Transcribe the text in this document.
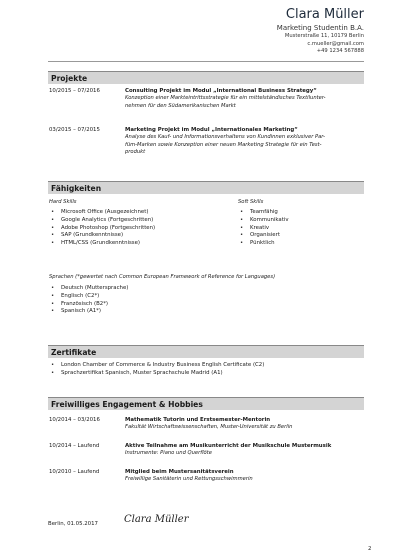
Clara Müller
Marketing Studentin B.A.
Musterstraße 11, 10179 Berlin
c.mueller@gmail.com
+49 1234 567888
Projekte
10/2015 – 07/2016	Consulting Projekt im Modul „International Business Strategy“
Konzeption einer Markteintrittsstrategie für ein mittelständisches Textilunter-
nehmen für den Südamerikanischen Markt
03/2015 – 07/2015	Marketing Projekt im Modul „Internationales Marketing“
Analyse des Kauf- und Informationsverhaltens von Kundinnen exklusiver Par-
füm-Marken sowie Konzeption einer neuen Marketing Strategie für ein Test-
produkt
Fähigkeiten
Hard Skills
• Microsoft Office (Ausgezeichnet)
• Google Analytics (Fortgeschritten)
• Adobe Photoshop (Fortgeschritten)
• SAP (Grundkenntnisse)
• HTML/CSS (Grundkenntnisse)
Soft Skills
• Teamfähig
• Kommunikativ
• Kreativ
• Organisiert
• Pünktlich
Sprachen (*gewertet nach Common European Framework of Reference for Languages)
• Deutsch (Muttersprache)
• Englisch (C2*)
• Französisch (B2*)
• Spanisch (A1*)
Zertifikate
• London Chamber of Commerce & Industry Business English Certificate (C2)
• Sprachzertifikat Spanisch, Muster Sprachschule Madrid (A1)
Freiwilliges Engagement & Hobbies
10/2014 – 03/2016	Mathematik Tutorin und Erstsemester-Mentorin
Fakultät Wirtschaftswissenschaften, Muster-Universität zu Berlin
10/2014 – Laufend	Aktive Teilnahme am Musikunterricht der Musikschule Mustermusik
Instrumente: Piano und Querflöte
10/2010 – Laufend	Mitglied beim Mustersanitätsverein
Freiwillige Sanitäterin und Rettungsschwimmerin
Berlin, 01.05.2017	Clara Müller
2
